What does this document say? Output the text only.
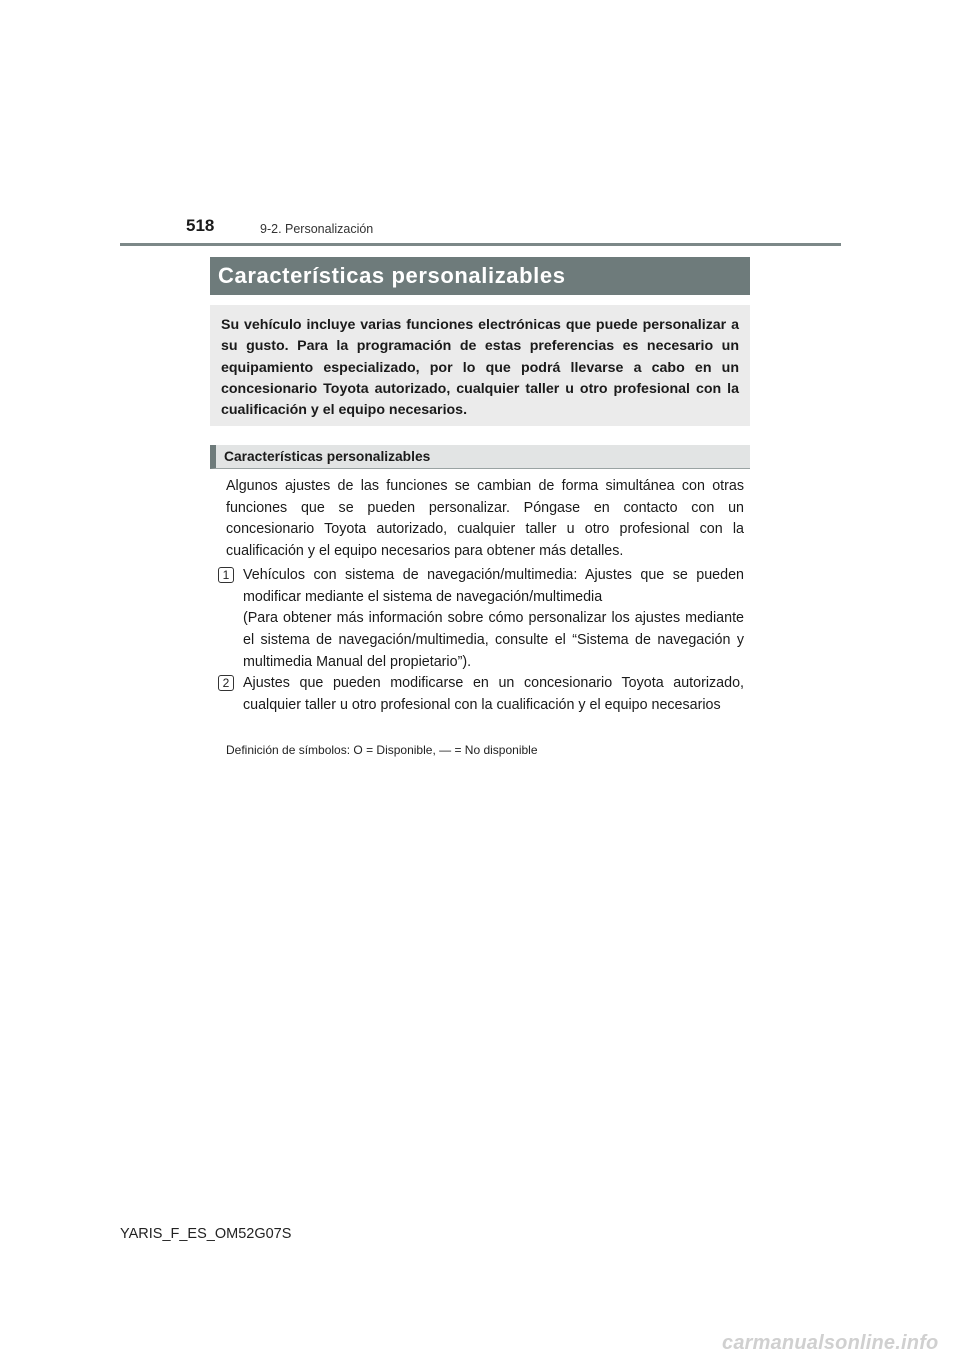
518	9-2. Personalización
Características personalizables

Su vehículo incluye varias funciones electrónicas que puede personalizar a su gusto. Para la programación de estas preferencias es necesario un equipamiento especializado, por lo que podrá llevarse a cabo en un concesionario Toyota autorizado, cualquier taller u otro profesional con la cualificación y el equipo necesarios.

Características personalizables

Algunos ajustes de las funciones se cambian de forma simultánea con otras funciones que se pueden personalizar. Póngase en contacto con un concesionario Toyota autorizado, cualquier taller u otro profesional con la cualificación y el equipo necesarios para obtener más detalles.

1 Vehículos con sistema de navegación/multimedia: Ajustes que se pueden modificar mediante el sistema de navegación/multimedia

(Para obtener más información sobre cómo personalizar los ajustes mediante el sistema de navegación/multimedia, consulte el “Sistema de navegación y multimedia Manual del propietario”).

2 Ajustes que pueden modificarse en un concesionario Toyota autorizado, cualquier taller u otro profesional con la cualificación y el equipo necesarios

Definición de símbolos: O = Disponible, — = No disponible
YARIS_F_ES_OM52G07S
carmanualsonline.info
